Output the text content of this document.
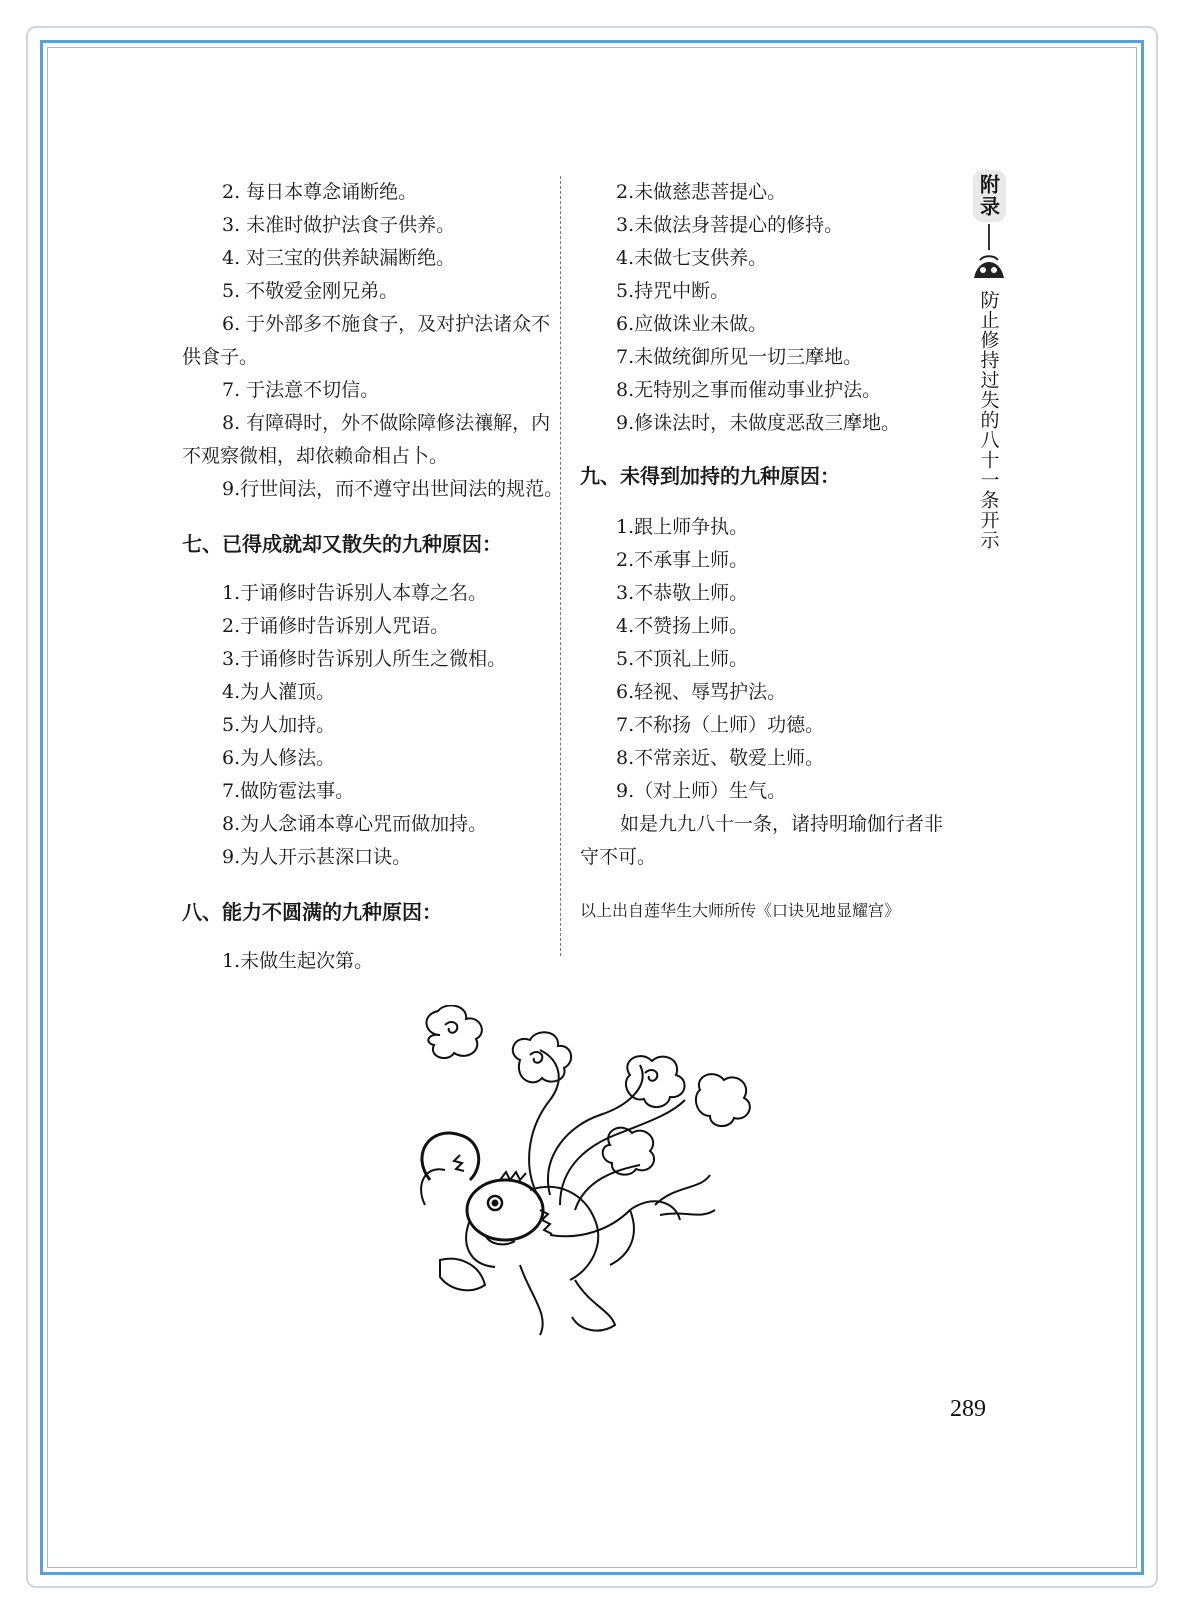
2. 每日本尊念诵断绝。

3. 未准时做护法食子供养。

4. 对三宝的供养缺漏断绝。

5. 不敬爱金刚兄弟。

6. 于外部多不施食子，及对护法诸众不供食子。

7. 于法意不切信。

8. 有障碍时，外不做除障修法禳解，内不观察微相，却依赖命相占卜。

9.行世间法，而不遵守出世间法的规范。

七、已得成就却又散失的九种原因：

1.于诵修时告诉别人本尊之名。

2.于诵修时告诉别人咒语。

3.于诵修时告诉别人所生之微相。

4.为人灌顶。

5.为人加持。

6.为人修法。

7.做防雹法事。

8.为人念诵本尊心咒而做加持。

9.为人开示甚深口诀。

八、能力不圆满的九种原因：

1.未做生起次第。

2.未做慈悲菩提心。

3.未做法身菩提心的修持。

4.未做七支供养。

5.持咒中断。

6.应做诛业未做。

7.未做统御所见一切三摩地。

8.无特别之事而催动事业护法。

9.修诛法时，未做度恶敌三摩地。

九、未得到加持的九种原因：

1.跟上师争执。

2.不承事上师。

3.不恭敬上师。

4.不赞扬上师。

5.不顶礼上师。

6.轻视、辱骂护法。

7.不称扬（上师）功德。

8.不常亲近、敬爱上师。

9.（对上师）生气。

如是九九八十一条，诸持明瑜伽行者非守不可。

以上出自莲华生大师所传《口诀见地显耀宫》

附录
防止修持过失的八十一条开示
289
